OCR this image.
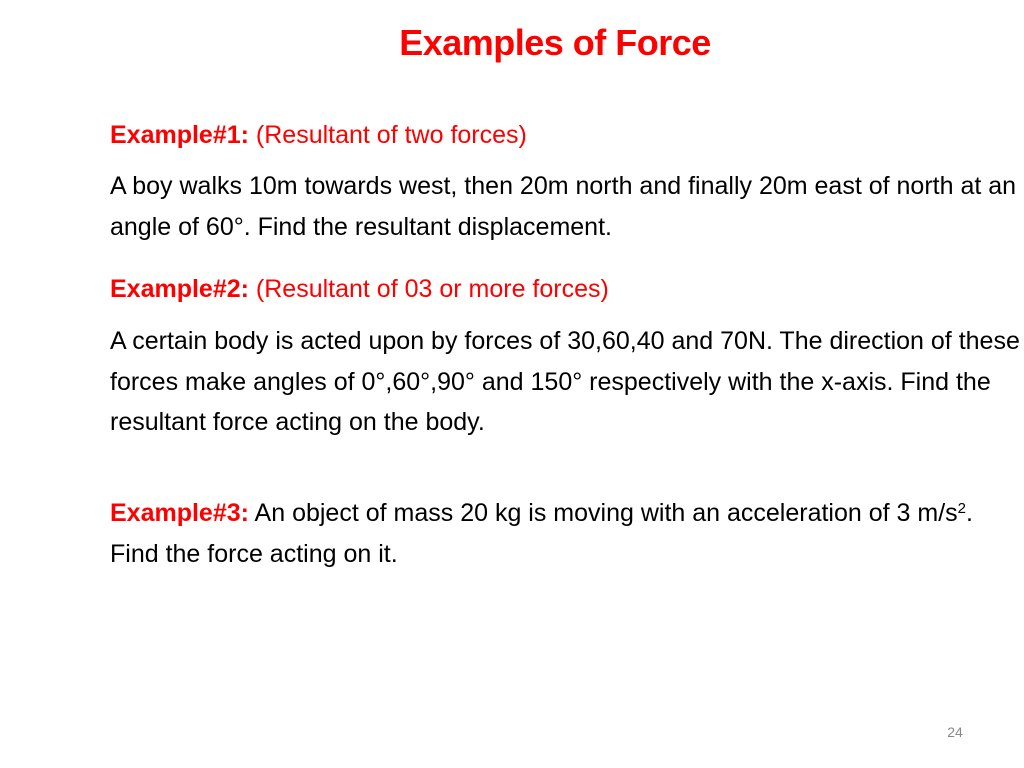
Examples of Force
Example#1: (Resultant of two forces)
A boy walks 10m towards west, then 20m north and finally 20m east of north at an angle of 60°. Find the resultant displacement.
Example#2: (Resultant of 03 or more forces)
A certain body is acted upon by forces of 30,60,40 and 70N. The direction of these forces make angles of 0°,60°,90° and 150° respectively with the x-axis. Find the resultant force acting on the body.
Example#3: An object of mass 20 kg is moving with an acceleration of 3 $m/s^2$. Find the force acting on it.
24
